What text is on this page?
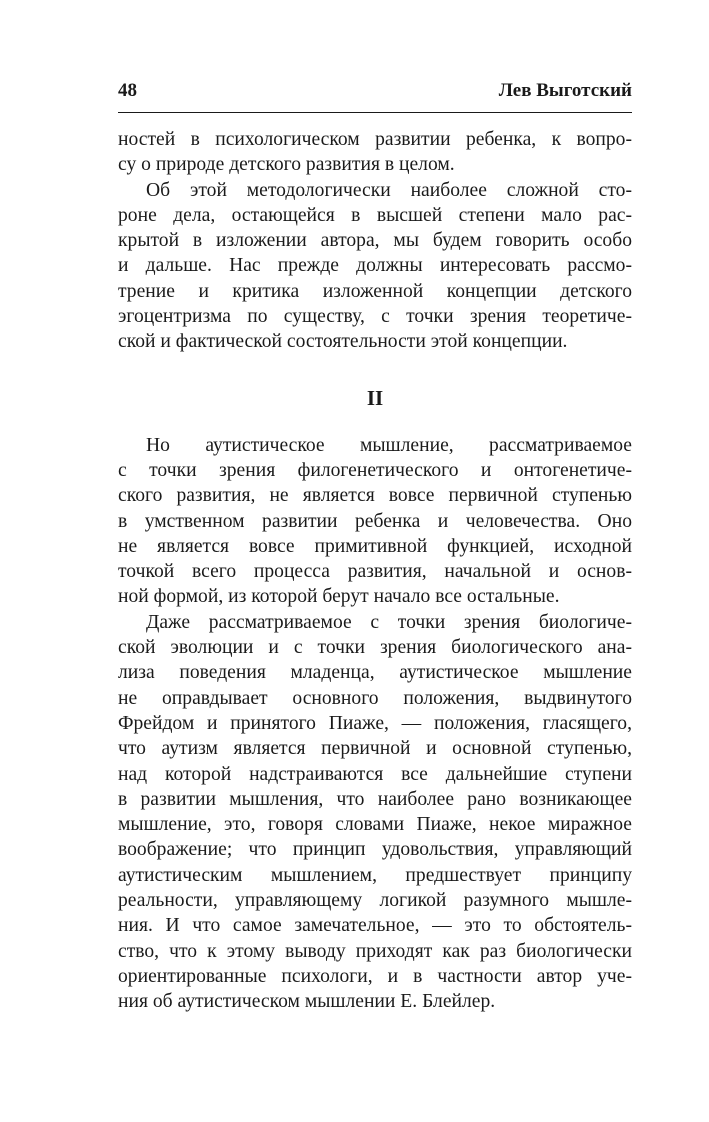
48	Лев Выготский
ностей в психологическом развитии ребенка, к вопро-
су о природе детского развития в целом.
Об этой методологически наиболее сложной сто-
роне дела, остающейся в высшей степени мало рас-
крытой в изложении автора, мы будем говорить особо
и дальше. Нас прежде должны интересовать рассмо-
трение и критика изложенной концепции детского
эгоцентризма по существу, с точки зрения теоретиче-
ской и фактической состоятельности этой концепции.
II
Но аутистическое мышление, рассматриваемое
с точки зрения филогенетического и онтогенетиче-
ского развития, не является вовсе первичной ступенью
в умственном развитии ребенка и человечества. Оно
не является вовсе примитивной функцией, исходной
точкой всего процесса развития, начальной и основ-
ной формой, из которой берут начало все остальные.
Даже рассматриваемое с точки зрения биологиче-
ской эволюции и с точки зрения биологического ана-
лиза поведения младенца, аутистическое мышление
не оправдывает основного положения, выдвинутого
Фрейдом и принятого Пиаже, — положения, гласящего,
что аутизм является первичной и основной ступенью,
над которой надстраиваются все дальнейшие ступени
в развитии мышления, что наиболее рано возникающее
мышление, это, говоря словами Пиаже, некое миражное
воображение; что принцип удовольствия, управляющий
аутистическим мышлением, предшествует принципу
реальности, управляющему логикой разумного мышле-
ния. И что самое замечательное, — это то обстоятель-
ство, что к этому выводу приходят как раз биологически
ориентированные психологи, и в частности автор уче-
ния об аутистическом мышлении Е. Блейлер.
